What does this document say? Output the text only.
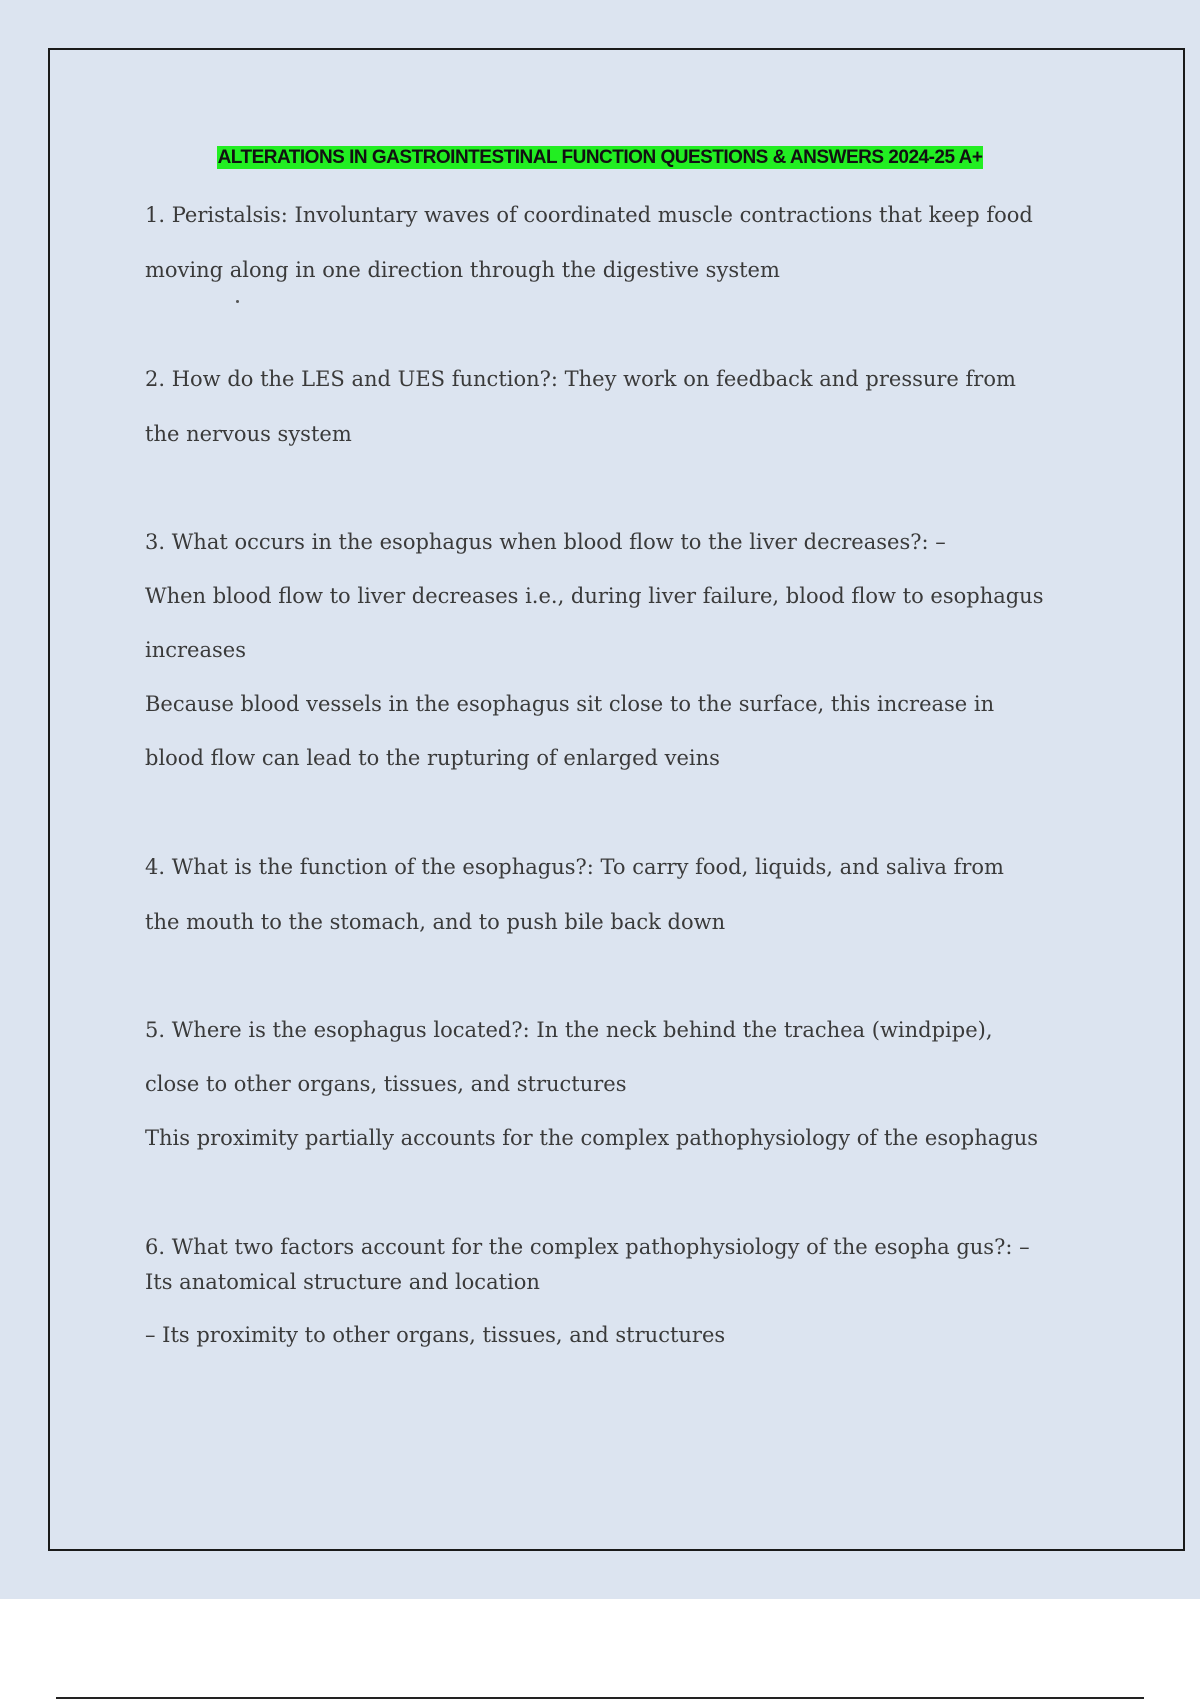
ALTERATIONS IN GASTROINTESTINAL FUNCTION QUESTIONS & ANSWERS 2024-25 A+
1. Peristalsis: Involuntary waves of coordinated muscle contractions that keep food
moving along in one direction through the digestive system
2. How do the LES and UES function?: They work on feedback and pressure from
the nervous system
3. What occurs in the esophagus when blood flow to the liver decreases?: –
When blood flow to liver decreases i.e., during liver failure, blood flow to esophagus
increases
Because blood vessels in the esophagus sit close to the surface, this increase in
blood flow can lead to the rupturing of enlarged veins
4. What is the function of the esophagus?: To carry food, liquids, and saliva from
the mouth to the stomach, and to push bile back down
5. Where is the esophagus located?: In the neck behind the trachea (windpipe),
close to other organs, tissues, and structures
This proximity partially accounts for the complex pathophysiology of the esophagus
6. What two factors account for the complex pathophysiology of the esopha gus?: –
Its anatomical structure and location
– Its proximity to other organs, tissues, and structures
